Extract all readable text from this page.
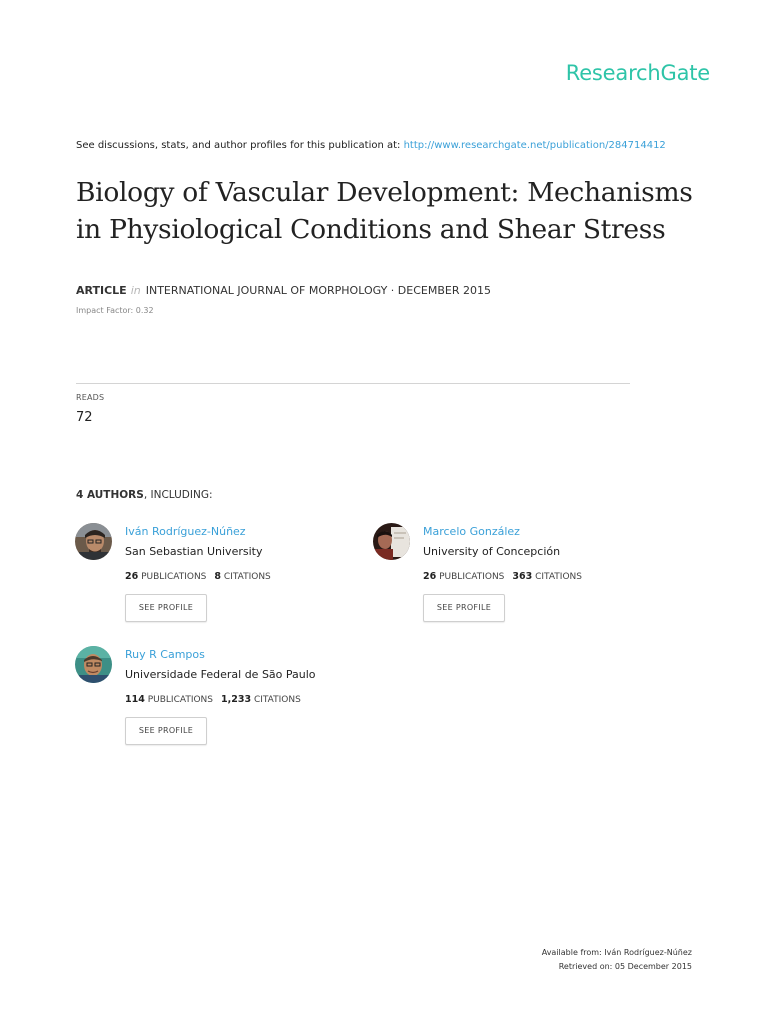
ResearchGate
See discussions, stats, and author profiles for this publication at: http://www.researchgate.net/publication/284714412
Biology of Vascular Development: Mechanisms in Physiological Conditions and Shear Stress
ARTICLE in INTERNATIONAL JOURNAL OF MORPHOLOGY · DECEMBER 2015
Impact Factor: 0.32
READS
72
4 AUTHORS, INCLUDING:
Iván Rodríguez-Núñez
San Sebastian University
26 PUBLICATIONS 8 CITATIONS
SEE PROFILE
Marcelo González
University of Concepción
26 PUBLICATIONS 363 CITATIONS
SEE PROFILE
Ruy R Campos
Universidade Federal de São Paulo
114 PUBLICATIONS 1,233 CITATIONS
SEE PROFILE
Available from: Iván Rodríguez-Núñez
Retrieved on: 05 December 2015
